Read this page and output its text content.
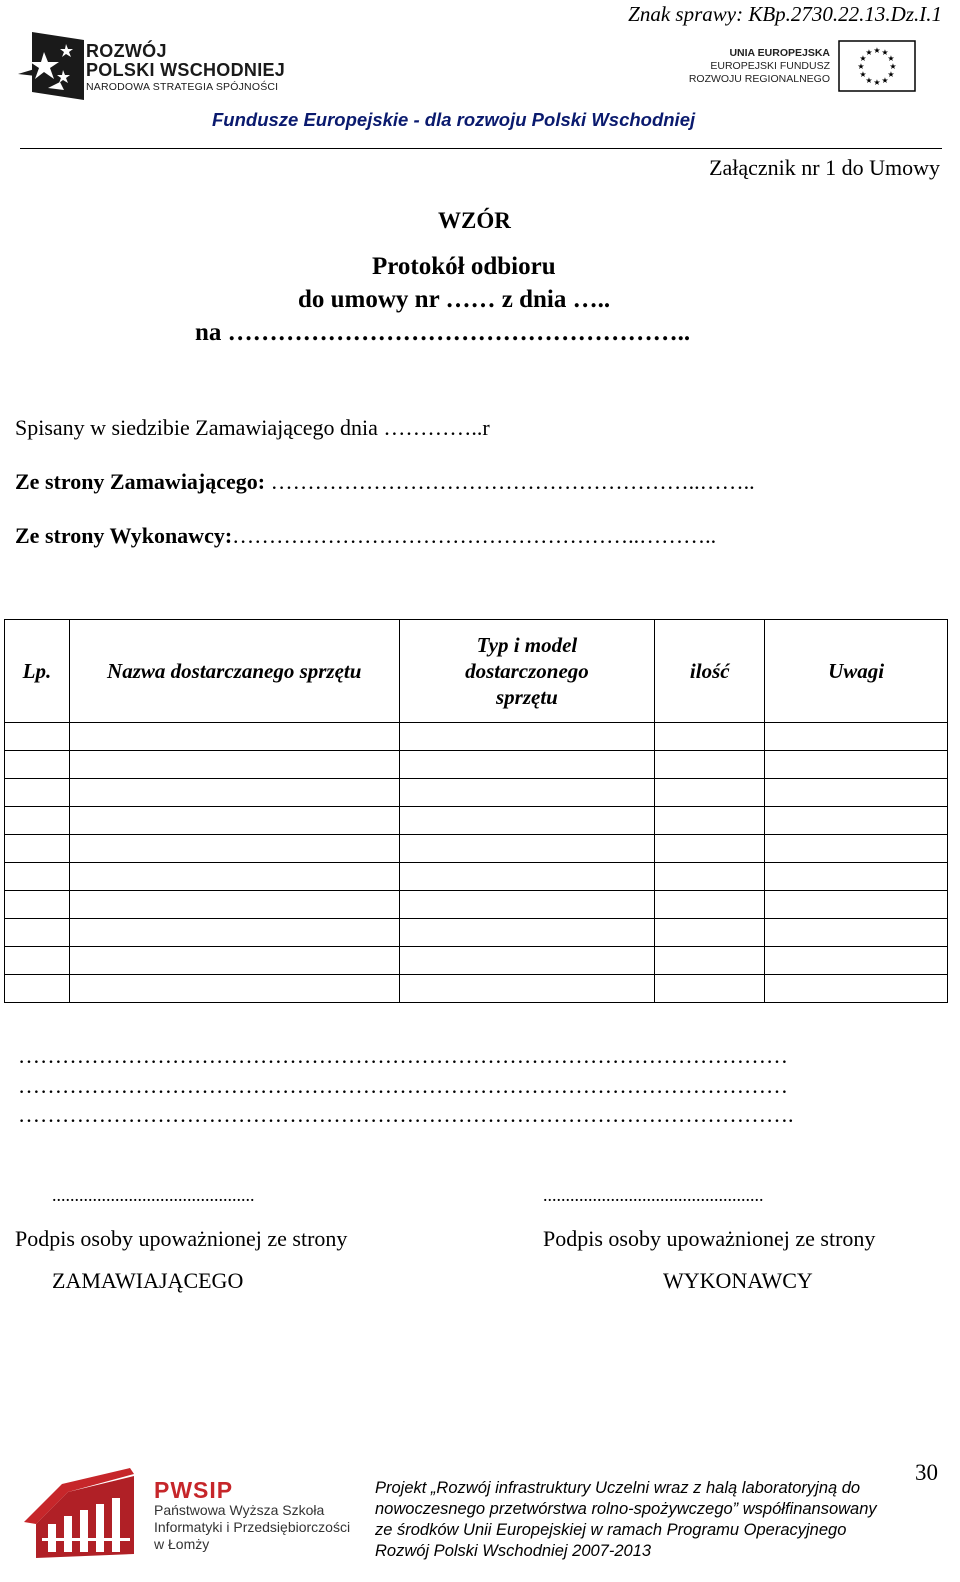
Znak sprawy: KBp.2730.22.13.Dz.I.1
ROZWÓJ
POLSKI WSCHODNIEJ
NARODOWA STRATEGIA SPÓJNOŚCI
UNIA EUROPEJSKA
EUROPEJSKI FUNDUSZ
ROZWOJU REGIONALNEGO
★ ★
★
★
★
★
★
★
★
★
★
★
Fundusze Europejskie - dla rozwoju Polski Wschodniej
Załącznik nr 1 do Umowy
WZÓR
Protokół odbioru
do umowy nr …… z dnia …..
na ………………………………………………..
Spisany w siedzibie Zamawiającego dnia …………..r
Ze strony Zamawiającego: …………………………………………………..……..
Ze strony Wykonawcy:………………………………………………..………..
Lp.	Nazwa dostarczanego sprzętu	Typ i model dostarczonego sprzętu	ilość	Uwagi

……………………………………………………………………………………………
……………………………………………………………………………………………
…………………………………………………………………………………………….
.............................................	.................................................
Podpis osoby upoważnionej ze strony	Podpis osoby upoważnionej ze strony
ZAMAWIAJĄCEGO	WYKONAWCY
30
PWSIP
Państwowa Wyższa Szkoła
Informatyki i Przedsiębiorczości
w Łomży
Projekt „Rozwój infrastruktury Uczelni wraz z halą laboratoryjną do
nowoczesnego przetwórstwa rolno-spożywczego” współfinansowany
ze środków Unii Europejskiej w ramach Programu Operacyjnego
Rozwój Polski Wschodniej 2007-2013
